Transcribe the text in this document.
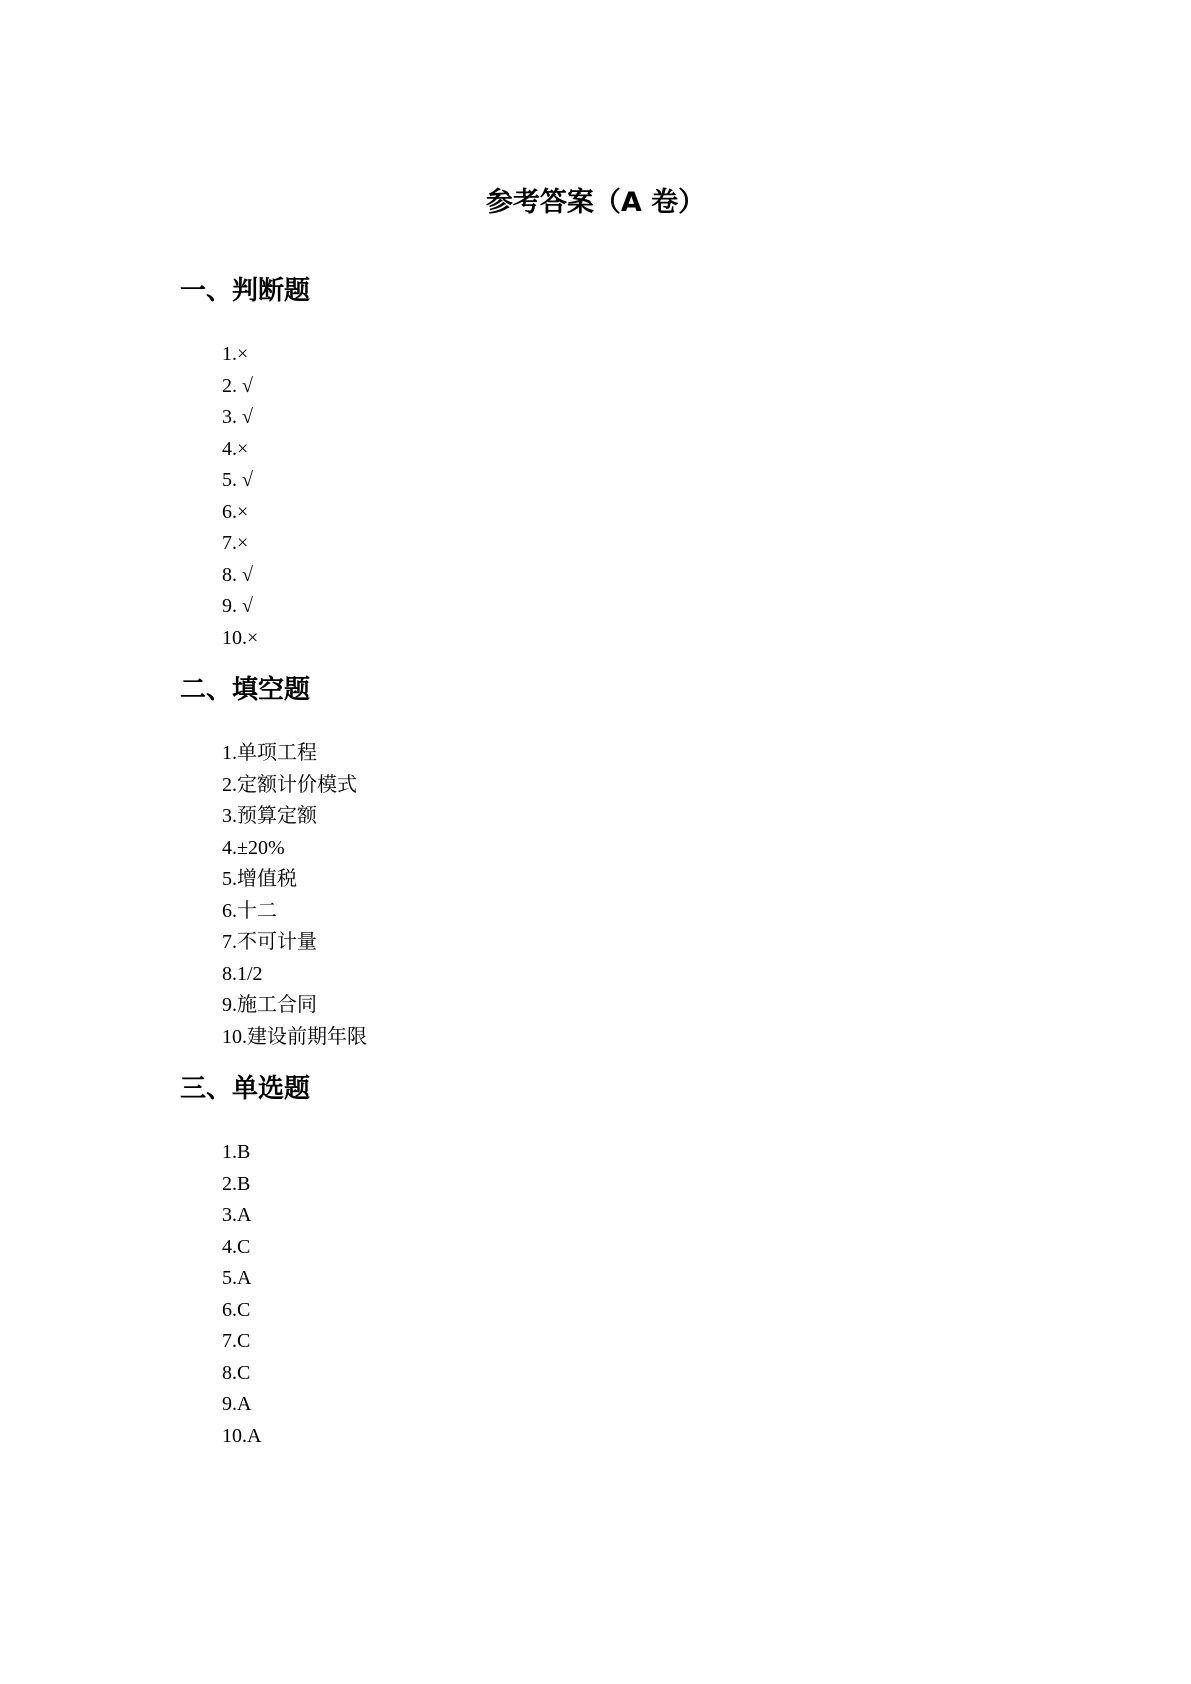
参考答案（A 卷）
一、判断题
1.×
2. √
3. √
4.×
5. √
6.×
7.×
8. √
9. √
10.×
二、填空题
1.单项工程
2.定额计价模式
3.预算定额
4.±20%
5.增值税
6.十二
7.不可计量
8.1/2
9.施工合同
10.建设前期年限
三、单选题
1.B
2.B
3.A
4.C
5.A
6.C
7.C
8.C
9.A
10.A
